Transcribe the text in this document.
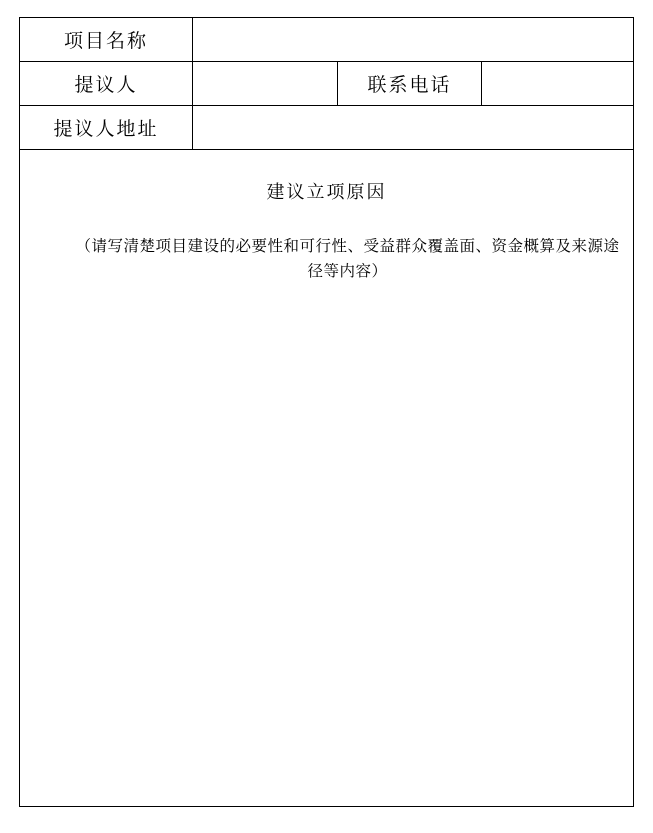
项目名称
提议人	联系电话
提议人地址
建议立项原因
（请写清楚项目建设的必要性和可行性、受益群众覆盖面、资金概算及来源途径等内容）
